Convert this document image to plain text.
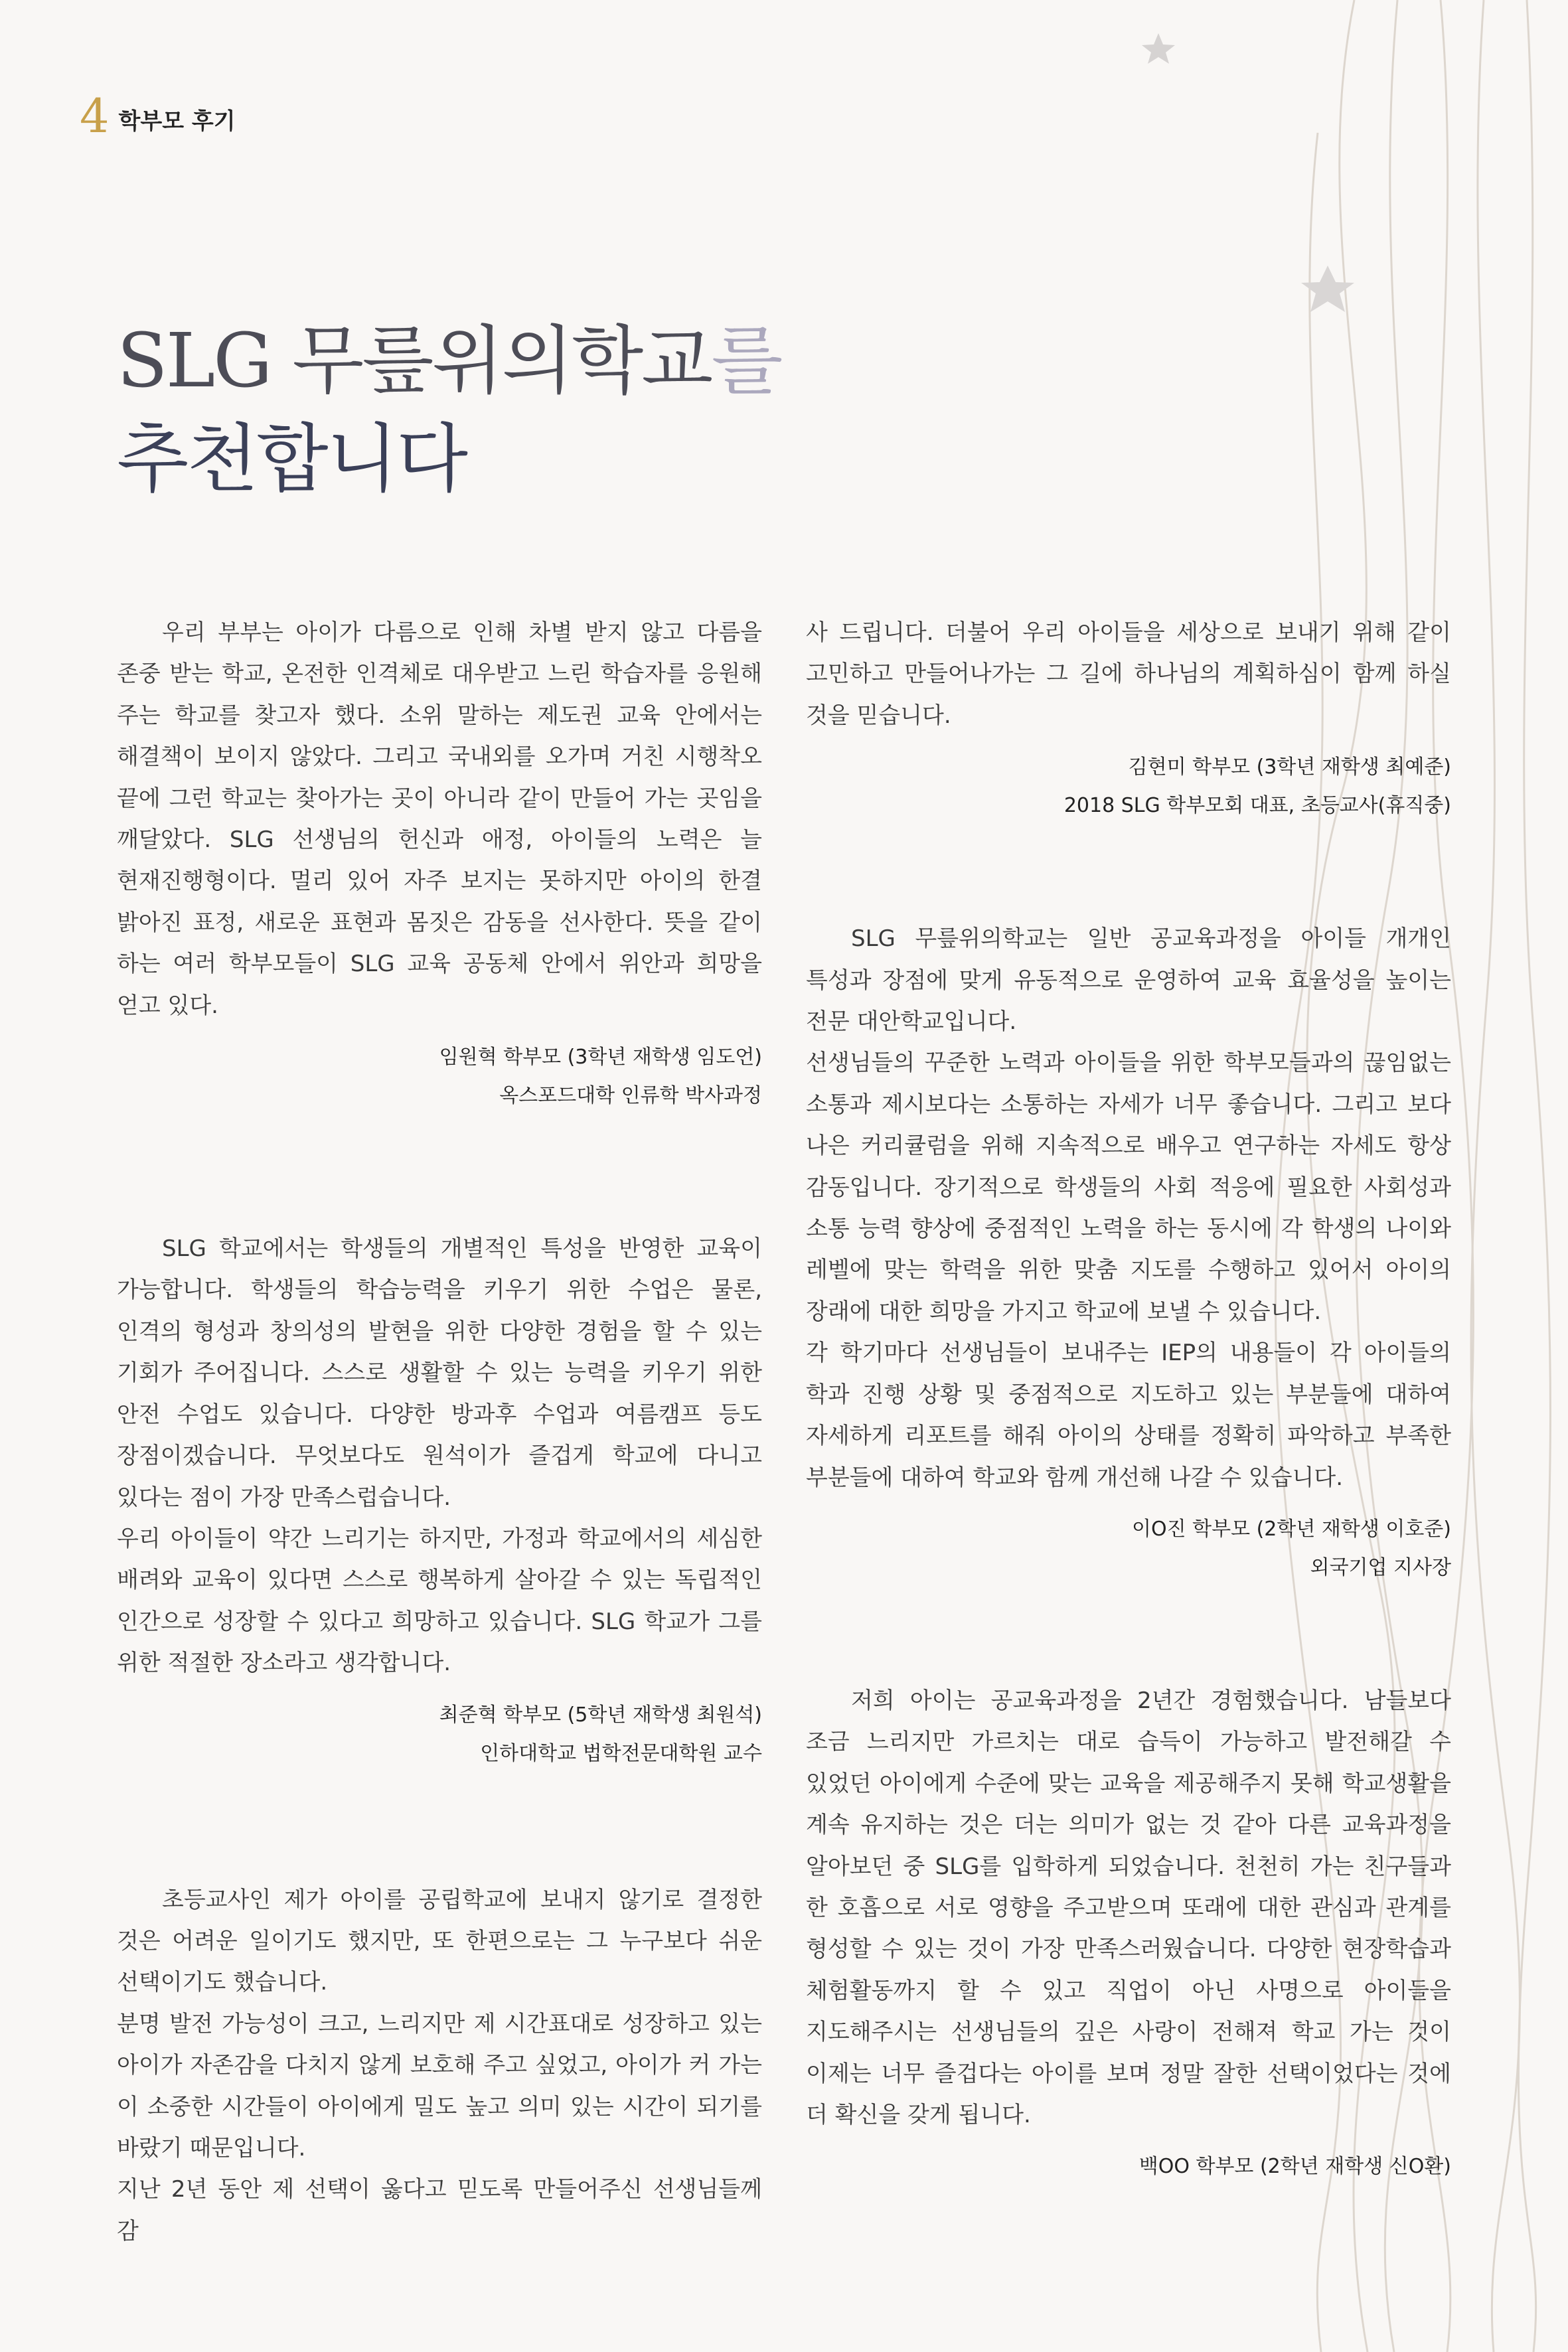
4 학부모 후기
SLG 무릎위의학교를
추천합니다

우리 부부는 아이가 다름으로 인해 차별 받지 않고 다름을 존중 받는 학교, 온전한 인격체로 대우받고 느린 학습자를 응원해 주는 학교를 찾고자 했다. 소위 말하는 제도권 교육 안에서는 해결책이 보이지 않았다. 그리고 국내외를 오가며 거친 시행착오 끝에 그런 학교는 찾아가는 곳이 아니라 같이 만들어 가는 곳임을 깨달았다. SLG 선생님의 헌신과 애정, 아이들의 노력은 늘 현재진행형이다. 멀리 있어 자주 보지는 못하지만 아이의 한결 밝아진 표정, 새로운 표현과 몸짓은 감동을 선사한다. 뜻을 같이 하는 여러 학부모들이 SLG 교육 공동체 안에서 위안과 희망을 얻고 있다.

임원혁 학부모 (3학년 재학생 임도언)
옥스포드대학 인류학 박사과정

SLG 학교에서는 학생들의 개별적인 특성을 반영한 교육이 가능합니다. 학생들의 학습능력을 키우기 위한 수업은 물론, 인격의 형성과 창의성의 발현을 위한 다양한 경험을 할 수 있는 기회가 주어집니다. 스스로 생활할 수 있는 능력을 키우기 위한 안전 수업도 있습니다. 다양한 방과후 수업과 여름캠프 등도 장점이겠습니다. 무엇보다도 원석이가 즐겁게 학교에 다니고 있다는 점이 가장 만족스럽습니다.

우리 아이들이 약간 느리기는 하지만, 가정과 학교에서의 세심한 배려와 교육이 있다면 스스로 행복하게 살아갈 수 있는 독립적인 인간으로 성장할 수 있다고 희망하고 있습니다. SLG 학교가 그를 위한 적절한 장소라고 생각합니다.

최준혁 학부모 (5학년 재학생 최원석)
인하대학교 법학전문대학원 교수

초등교사인 제가 아이를 공립학교에 보내지 않기로 결정한 것은 어려운 일이기도 했지만, 또 한편으로는 그 누구보다 쉬운 선택이기도 했습니다.

분명 발전 가능성이 크고, 느리지만 제 시간표대로 성장하고 있는 아이가 자존감을 다치지 않게 보호해 주고 싶었고, 아이가 커 가는 이 소중한 시간들이 아이에게 밀도 높고 의미 있는 시간이 되기를 바랐기 때문입니다.

지난 2년 동안 제 선택이 옳다고 믿도록 만들어주신 선생님들께 감

사 드립니다. 더불어 우리 아이들을 세상으로 보내기 위해 같이 고민하고 만들어나가는 그 길에 하나님의 계획하심이 함께 하실 것을 믿습니다.

김현미 학부모 (3학년 재학생 최예준)
2018 SLG 학부모회 대표, 초등교사(휴직중)

SLG 무릎위의학교는 일반 공교육과정을 아이들 개개인 특성과 장점에 맞게 유동적으로 운영하여 교육 효율성을 높이는 전문 대안학교입니다.

선생님들의 꾸준한 노력과 아이들을 위한 학부모들과의 끊임없는 소통과 제시보다는 소통하는 자세가 너무 좋습니다. 그리고 보다 나은 커리큘럼을 위해 지속적으로 배우고 연구하는 자세도 항상 감동입니다. 장기적으로 학생들의 사회 적응에 필요한 사회성과 소통 능력 향상에 중점적인 노력을 하는 동시에 각 학생의 나이와 레벨에 맞는 학력을 위한 맞춤 지도를 수행하고 있어서 아이의 장래에 대한 희망을 가지고 학교에 보낼 수 있습니다.

각 학기마다 선생님들이 보내주는 IEP의 내용들이 각 아이들의 학과 진행 상황 및 중점적으로 지도하고 있는 부분들에 대하여 자세하게 리포트를 해줘 아이의 상태를 정확히 파악하고 부족한 부분들에 대하여 학교와 함께 개선해 나갈 수 있습니다.

이O진 학부모 (2학년 재학생 이호준)
외국기업 지사장

저희 아이는 공교육과정을 2년간 경험했습니다. 남들보다 조금 느리지만 가르치는 대로 습득이 가능하고 발전해갈 수 있었던 아이에게 수준에 맞는 교육을 제공해주지 못해 학교생활을 계속 유지하는 것은 더는 의미가 없는 것 같아 다른 교육과정을 알아보던 중 SLG를 입학하게 되었습니다. 천천히 가는 친구들과 한 호흡으로 서로 영향을 주고받으며 또래에 대한 관심과 관계를 형성할 수 있는 것이 가장 만족스러웠습니다. 다양한 현장학습과 체험활동까지 할 수 있고 직업이 아닌 사명으로 아이들을 지도해주시는 선생님들의 깊은 사랑이 전해져 학교 가는 것이 이제는 너무 즐겁다는 아이를 보며 정말 잘한 선택이었다는 것에 더 확신을 갖게 됩니다.

백OO 학부모 (2학년 재학생 신O환)
